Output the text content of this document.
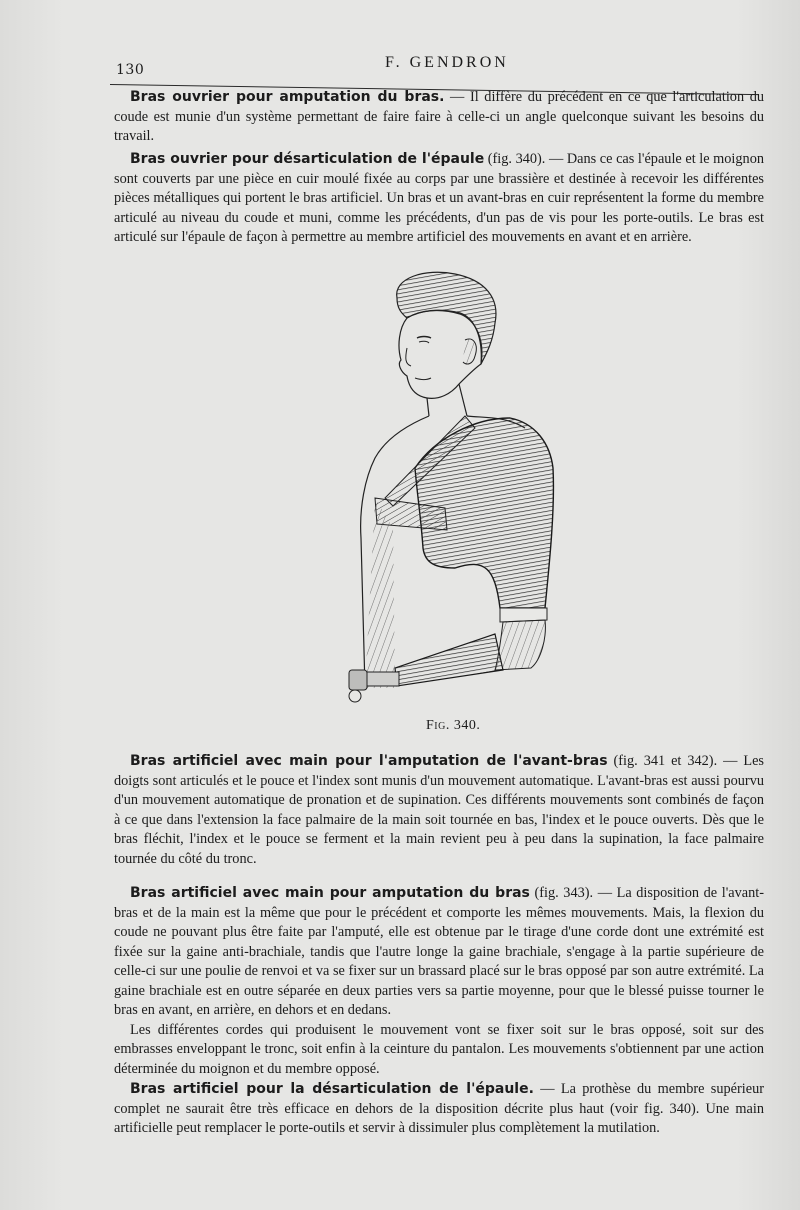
130	F. GENDRON

Bras ouvrier pour amputation du bras. — Il diffère du précédent en ce que l'articulation du coude est munie d'un système permettant de faire faire à celle-ci un angle quelconque suivant les besoins du travail.

Bras ouvrier pour désarticulation de l'épaule (fig. 340). — Dans ce cas l'épaule et le moignon sont couverts par une pièce en cuir moulé fixée au corps par une brassière et destinée à recevoir les différentes pièces métalliques qui portent le bras artificiel. Un bras et un avant-bras en cuir représentent la forme du membre articulé au niveau du coude et muni, comme les précédents, d'un pas de vis pour les porte-outils. Le bras est articulé sur l'épaule de façon à permettre au membre artificiel des mouvements en avant et en arrière.

Fig. 340.

Bras artificiel avec main pour l'amputation de l'avant-bras (fig. 341 et 342). — Les doigts sont articulés et le pouce et l'index sont munis d'un mouvement automatique. L'avant-bras est aussi pourvu d'un mouvement automatique de pronation et de supination. Ces différents mouvements sont combinés de façon à ce que dans l'extension la face palmaire de la main soit tournée en bas, l'index et le pouce ouverts. Dès que le bras fléchit, l'index et le pouce se ferment et la main revient peu à peu dans la supination, la face palmaire tournée du côté du tronc.

Bras artificiel avec main pour amputation du bras (fig. 343). — La disposition de l'avant-bras et de la main est la même que pour le précédent et comporte les mêmes mouvements. Mais, la flexion du coude ne pouvant plus être faite par l'amputé, elle est obtenue par le tirage d'une corde dont une extrémité est fixée sur la gaine anti-brachiale, tandis que l'autre longe la gaine brachiale, s'engage à la partie supérieure de celle-ci sur une poulie de renvoi et va se fixer sur un brassard placé sur le bras opposé par son autre extrémité. La gaine brachiale est en outre séparée en deux parties vers sa partie moyenne, pour que le blessé puisse tourner le bras en avant, en arrière, en dehors et en dedans.
Les différentes cordes qui produisent le mouvement vont se fixer soit sur le bras opposé, soit sur des embrasses enveloppant le tronc, soit enfin à la ceinture du pantalon. Les mouvements s'obtiennent par une action déterminée du moignon et du membre opposé.

Bras artificiel pour la désarticulation de l'épaule. — La prothèse du membre supérieur complet ne saurait être très efficace en dehors de la disposition décrite plus haut (voir fig. 340). Une main artificielle peut remplacer le porte-outils et servir à dissimuler plus complètement la mutilation.
